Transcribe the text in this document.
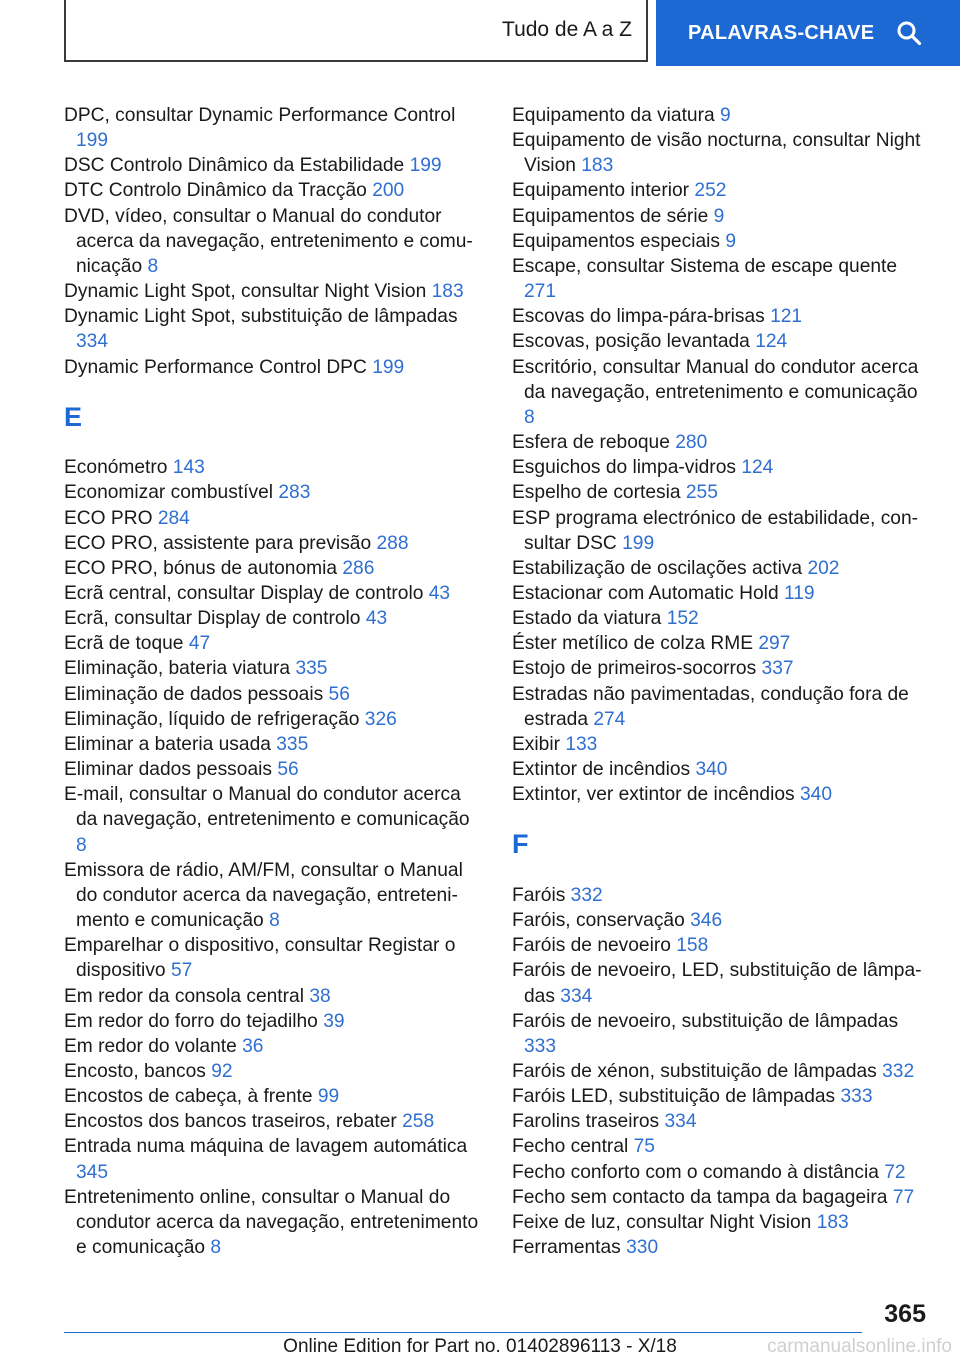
Tudo de A a Z	PALAVRAS-CHAVE
DPC, consultar Dynamic Performance Control 199
DSC Controlo Dinâmico da Estabilidade 199
DTC Controlo Dinâmico da Tracção 200
DVD, vídeo, consultar o Manual do condutor acerca da navegação, entretenimento e comunicação 8
Dynamic Light Spot, consultar Night Vision 183
Dynamic Light Spot, substituição de lâmpadas 334
Dynamic Performance Control DPC 199
E
Económetro 143
Economizar combustível 283
ECO PRO 284
ECO PRO, assistente para previsão 288
ECO PRO, bónus de autonomia 286
Ecrã central, consultar Display de controlo 43
Ecrã, consultar Display de controlo 43
Ecrã de toque 47
Eliminação, bateria viatura 335
Eliminação de dados pessoais 56
Eliminação, líquido de refrigeração 326
Eliminar a bateria usada 335
Eliminar dados pessoais 56
E-mail, consultar o Manual do condutor acerca da navegação, entretenimento e comunicação 8
Emissora de rádio, AM/FM, consultar o Manual do condutor acerca da navegação, entretenimento e comunicação 8
Emparelhar o dispositivo, consultar Registar o dispositivo 57
Em redor da consola central 38
Em redor do forro do tejadilho 39
Em redor do volante 36
Encosto, bancos 92
Encostos de cabeça, à frente 99
Encostos dos bancos traseiros, rebater 258
Entrada numa máquina de lavagem automática 345
Entretenimento online, consultar o Manual do condutor acerca da navegação, entretenimento e comunicação 8
Equipamento da viatura 9
Equipamento de visão nocturna, consultar Night Vision 183
Equipamento interior 252
Equipamentos de série 9
Equipamentos especiais 9
Escape, consultar Sistema de escape quente 271
Escovas do limpa-pára-brisas 121
Escovas, posição levantada 124
Escritório, consultar Manual do condutor acerca da navegação, entretenimento e comunicação 8
Esfera de reboque 280
Esguichos do limpa-vidros 124
Espelho de cortesia 255
ESP programa electrónico de estabilidade, consultar DSC 199
Estabilização de oscilações activa 202
Estacionar com Automatic Hold 119
Estado da viatura 152
Éster metílico de colza RME 297
Estojo de primeiros-socorros 337
Estradas não pavimentadas, condução fora de estrada 274
Exibir 133
Extintor de incêndios 340
Extintor, ver extintor de incêndios 340
F
Faróis 332
Faróis, conservação 346
Faróis de nevoeiro 158
Faróis de nevoeiro, LED, substituição de lâmpadas 334
Faróis de nevoeiro, substituição de lâmpadas 333
Faróis de xénon, substituição de lâmpadas 332
Faróis LED, substituição de lâmpadas 333
Farolins traseiros 334
Fecho central 75
Fecho conforto com o comando à distância 72
Fecho sem contacto da tampa da bagageira 77
Feixe de luz, consultar Night Vision 183
Ferramentas 330
365
Online Edition for Part no. 01402896113 - X/18	carmanualsonline.info
